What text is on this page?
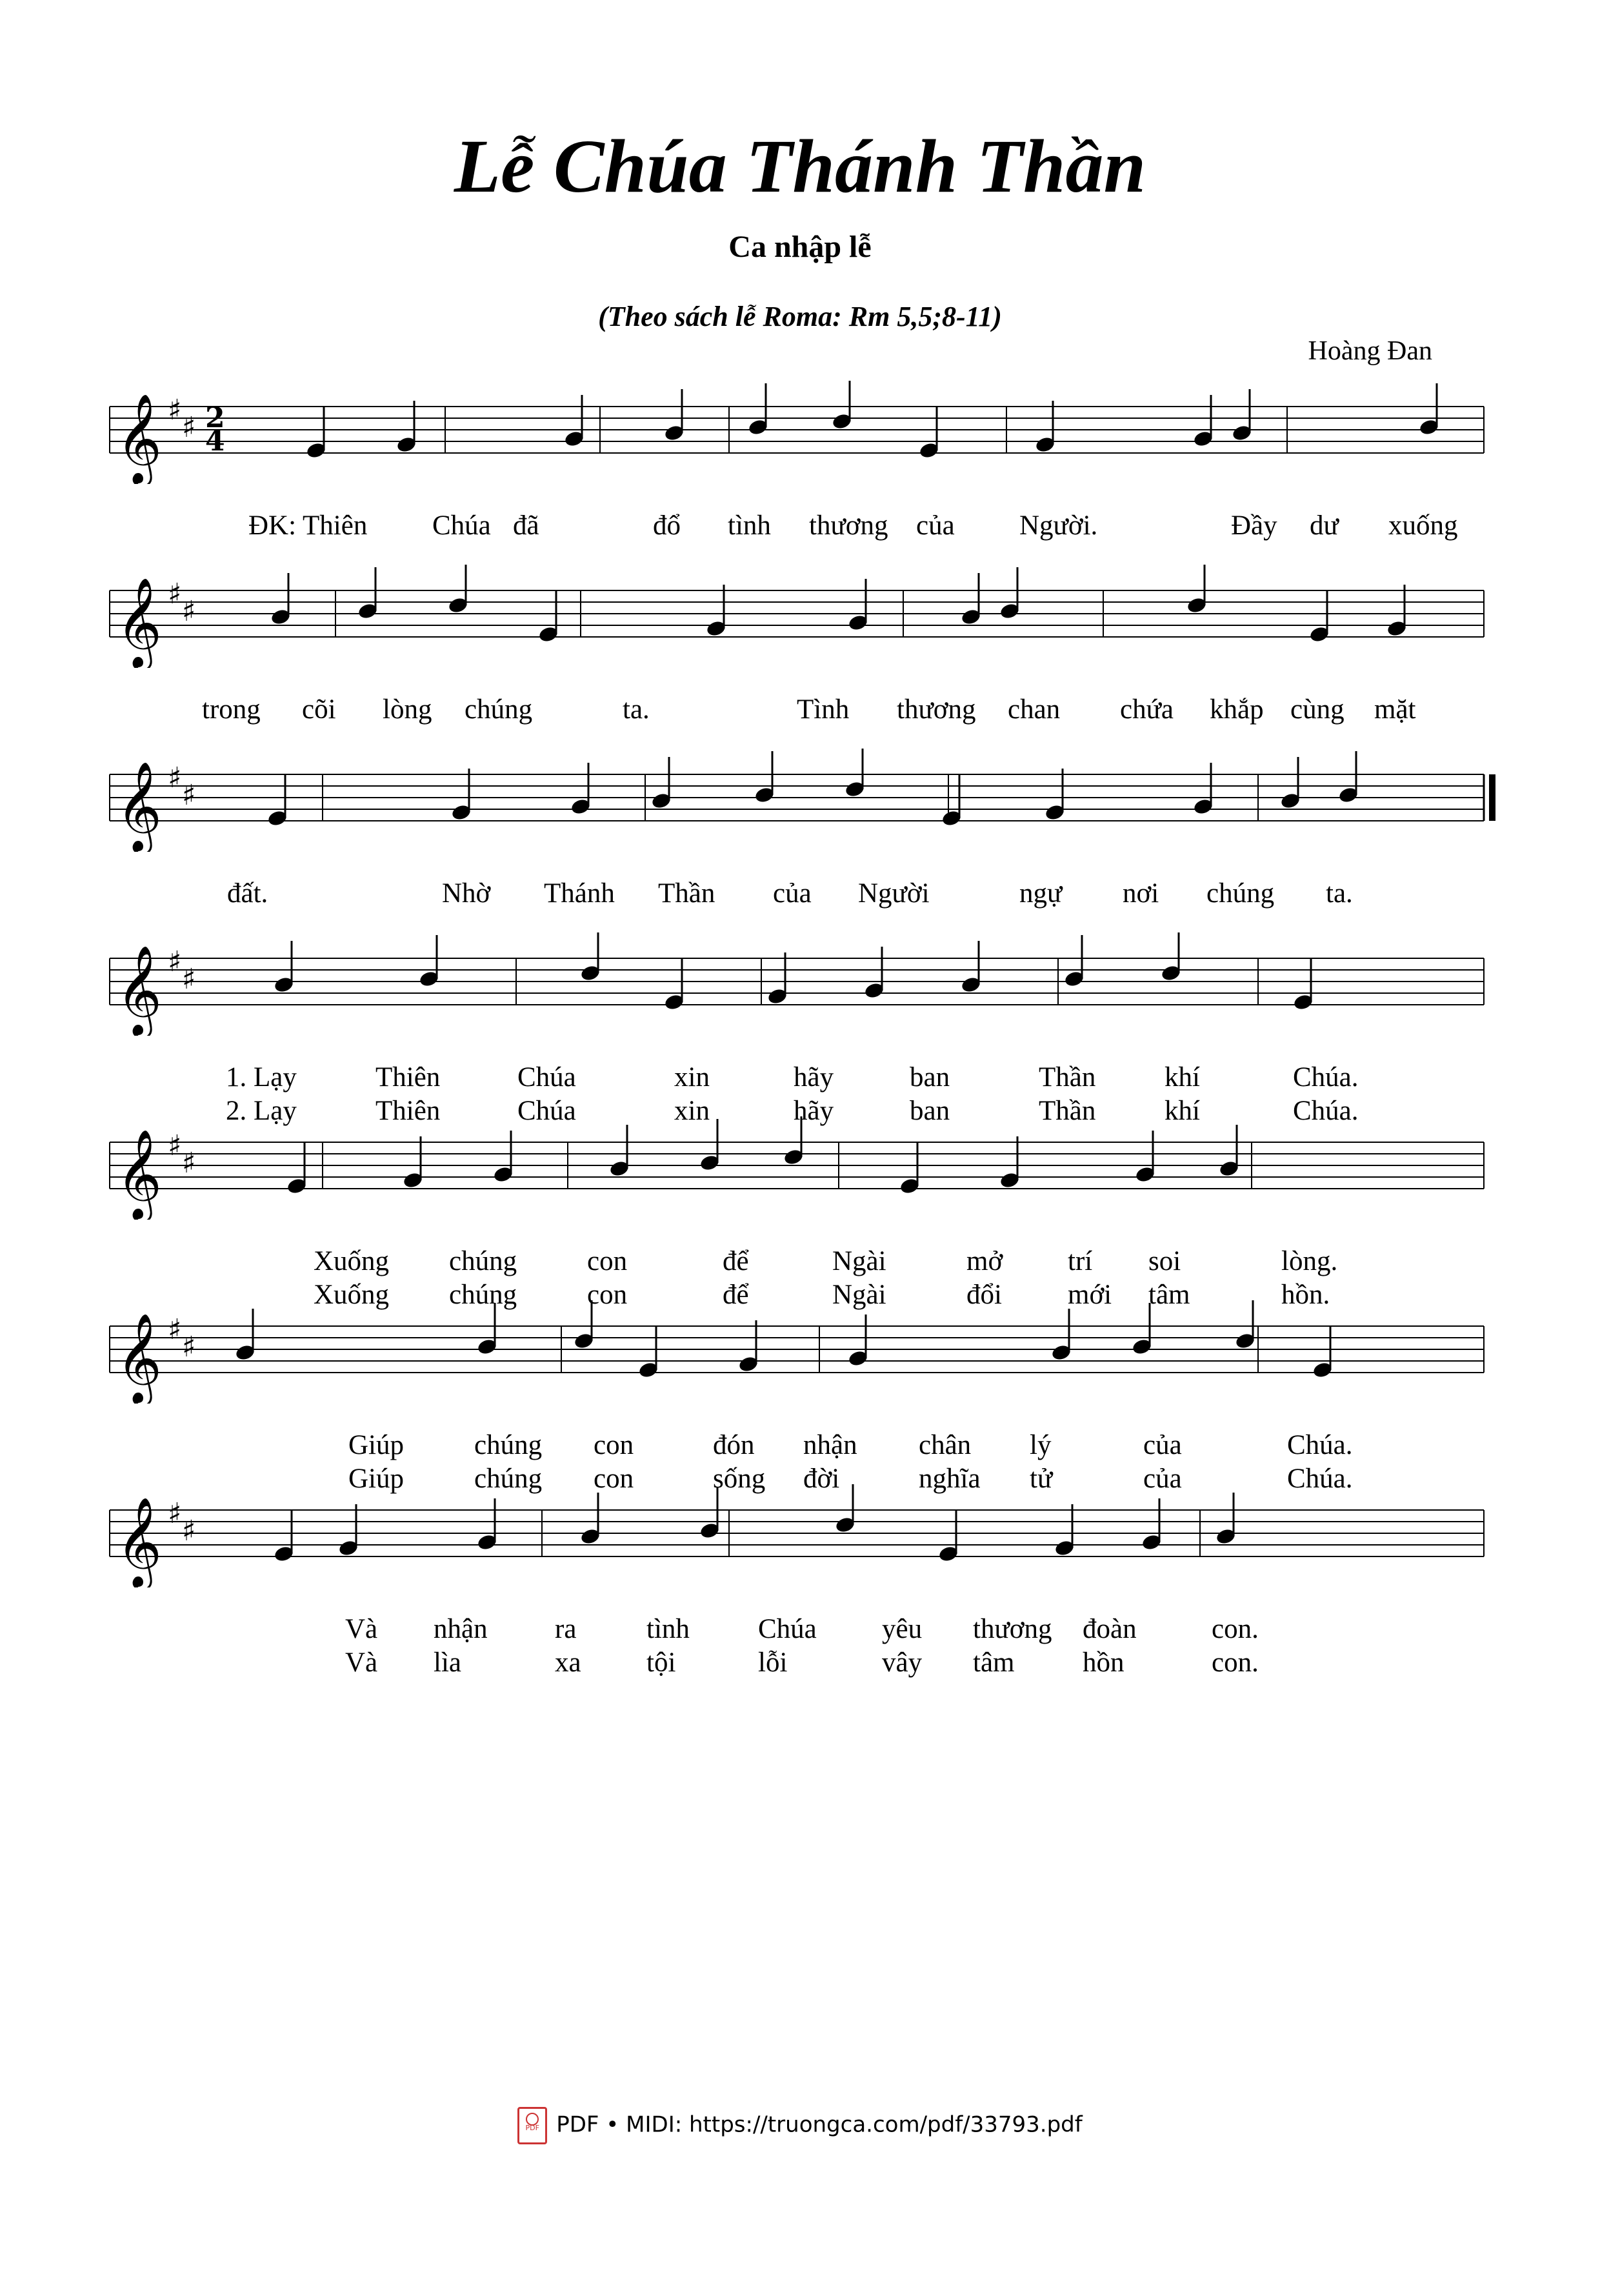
Lễ Chúa Thánh Thần
Ca nhập lễ
(Theo sách lễ Roma: Rm 5,5;8-11)
Hoàng Đan
𝄞 ♯
♯ 2
4
ĐK: Thiên Chúa đã	đổ tình thương của Người.	Đầy dư xuống
𝄞 ♯
♯
trong cõi lòng chúng	ta.	Tình thương chan chứa khắp cùng mặt
𝄞 ♯
♯
đất.	Nhờ Thánh Thần của Người	ngự nơi chúng ta.
𝄞 ♯
♯
1. Lạy	Thiên	Chúa	xin	hãy	ban	Thần khí	Chúa.
2. Lạy	Thiên	Chúa	xin	hãy	ban	Thần khí	Chúa.
𝄞 ♯
♯
Xuống chúng	con	để	Ngài	mở trí soi	lòng.
Xuống chúng	con	để	Ngài	đổi mới tâm	hồn.
𝄞 ♯
♯
Giúp	chúng con	đón nhận chân lý	của	Chúa.
Giúp	chúng con	sống đời	nghĩa tử	của	Chúa.
𝄞 ♯
♯
Và nhận ra	tình Chúa yêu thương đoàn	con.
Và lìa	xa tội	lỗi	vây tâm hồn	con.
PDF PDF • MIDI: https://truongca.com/pdf/33793.pdf
